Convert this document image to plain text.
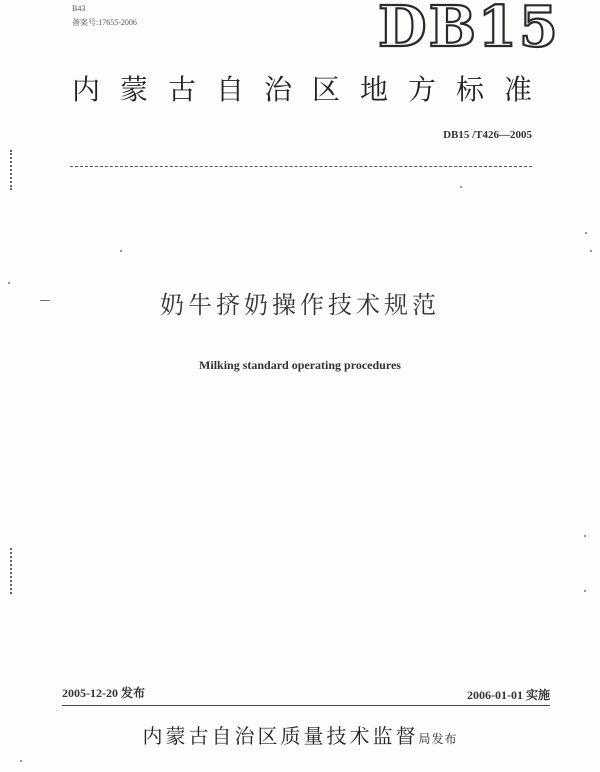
B43
备案号:17655-2006	DB15
内蒙古自治区地方标准
DB15 /T426—2005
奶牛挤奶操作技术规范
Milking standard operating procedures
2005-12-20 发布	2006-01-01 实施
内蒙古自治区质量技术监督局发布
